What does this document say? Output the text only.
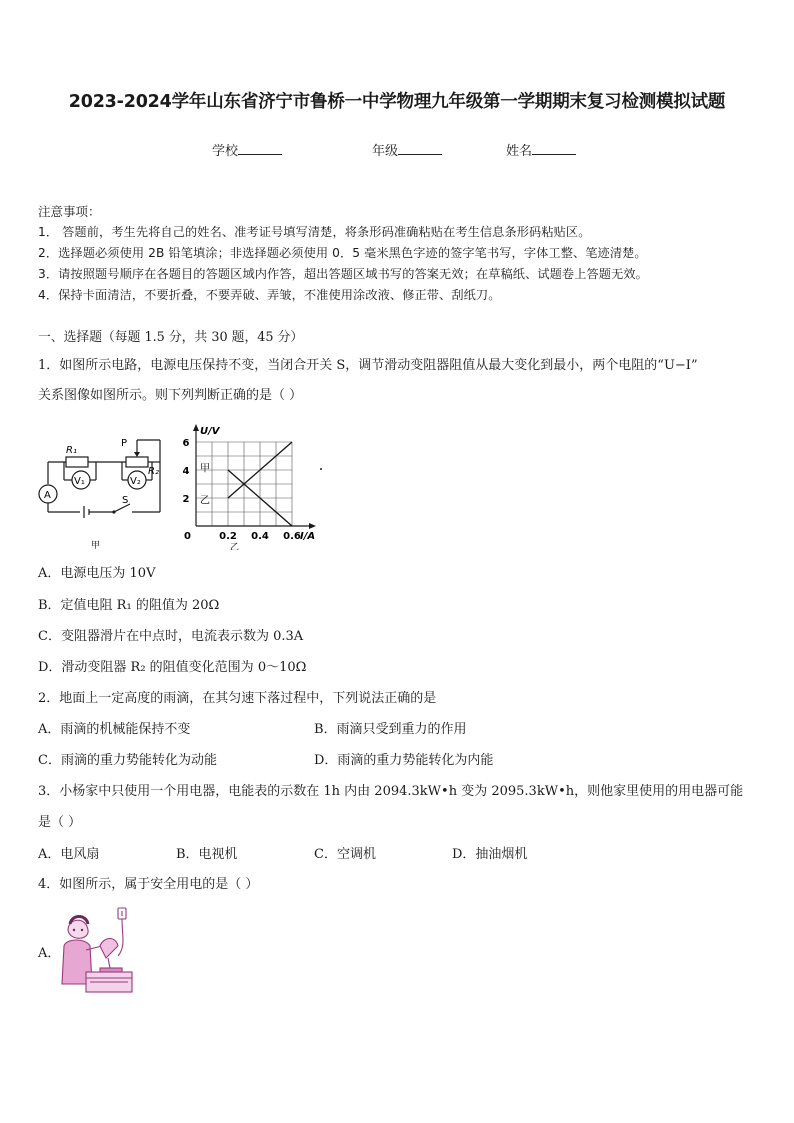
2023-2024学年山东省济宁市鲁桥一中学物理九年级第一学期期末复习检测模拟试题
学校	年级	姓名
注意事项：
1． 答题前，考生先将自己的姓名、准考证号填写清楚，将条形码准确粘贴在考生信息条形码粘贴区。
2．选择题必须使用 2B 铅笔填涂；非选择题必须使用 0．5 毫米黑色字迹的签字笔书写，字体工整、笔迹清楚。
3．请按照题号顺序在各题目的答题区域内作答，超出答题区域书写的答案无效；在草稿纸、试题卷上答题无效。
4．保持卡面清洁，不要折叠，不要弄破、弄皱，不准使用涂改液、修正带、刮纸刀。
一、选择题（每题 1.5 分，共 30 题，45 分）
1．如图所示电路，电源电压保持不变，当闭合开关 S，调节滑动变阻器阻值从最大变化到最小，两个电阻的“U−I”
关系图像如图所示。则下列判断正确的是（ ）
R₁
P
R₂
V₁	V₂
A	S
甲
2
4
6
0.2 0.4 0.6
U/V
I/A
0
甲
乙
乙
A．电源电压为 10V
B．定值电阻 R₁ 的阻值为 20Ω
C．变阻器滑片在中点时，电流表示数为 0.3A
D．滑动变阻器 R₂ 的阻值变化范围为 0～10Ω
2．地面上一定高度的雨滴，在其匀速下落过程中，下列说法正确的是
A．雨滴的机械能保持不变	B．雨滴只受到重力的作用
C．雨滴的重力势能转化为动能	D．雨滴的重力势能转化为内能
3．小杨家中只使用一个用电器，电能表的示数在 1h 内由 2094.3kW•h 变为 2095.3kW•h，则他家里使用的用电器可能
是（ ）
A．电风扇	B．电视机	C．空调机	D．抽油烟机
4．如图所示，属于安全用电的是（ ）
A．
